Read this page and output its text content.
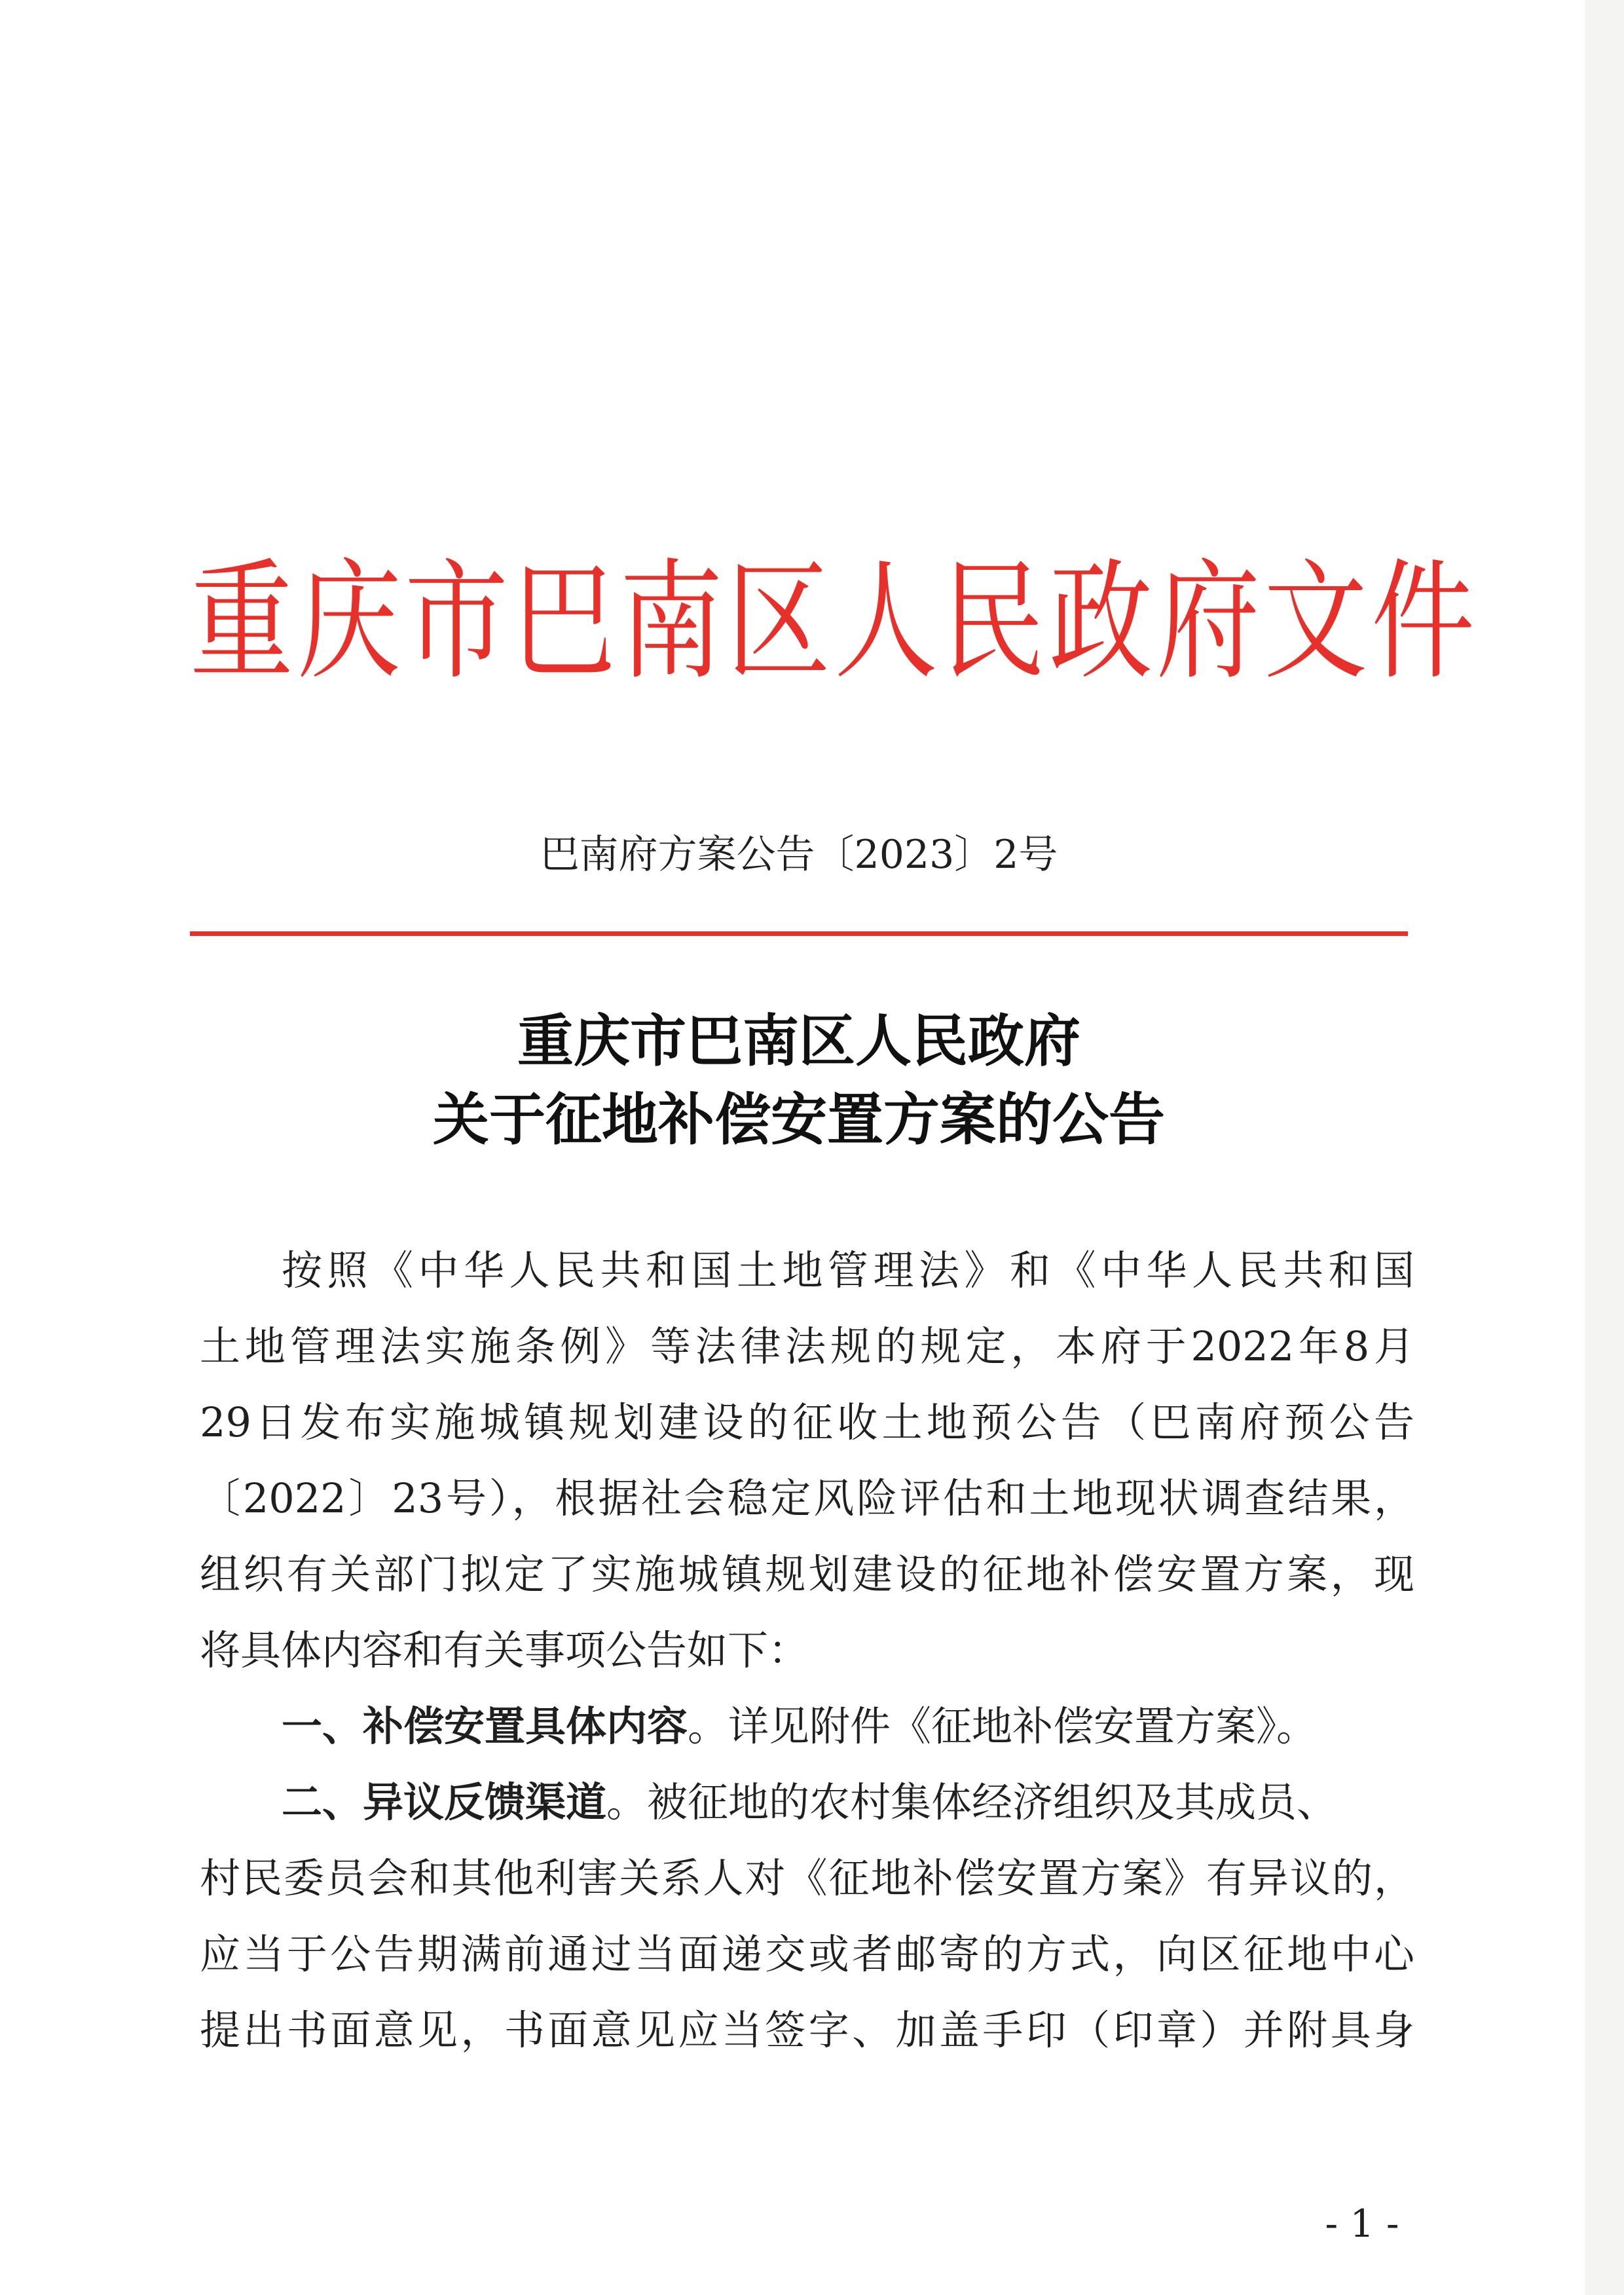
重庆市巴南区人民政府文件
巴南府方案公告〔2023〕2号
重庆市巴南区人民政府
关于征地补偿安置方案的公告
按照《中华人民共和国土地管理法》和《中华人民共和国
土地管理法实施条例》等法律法规的规定，本府于2022年8月
29日发布实施城镇规划建设的征收土地预公告（巴南府预公告
〔2022〕23号），根据社会稳定风险评估和土地现状调查结果，
组织有关部门拟定了实施城镇规划建设的征地补偿安置方案，现
将具体内容和有关事项公告如下：
一、补偿安置具体内容。详见附件《征地补偿安置方案》。
二、异议反馈渠道。被征地的农村集体经济组织及其成员、
村民委员会和其他利害关系人对《征地补偿安置方案》有异议的，
应当于公告期满前通过当面递交或者邮寄的方式，向区征地中心
提出书面意见，书面意见应当签字、加盖手印（印章）并附具身
- 1 -
